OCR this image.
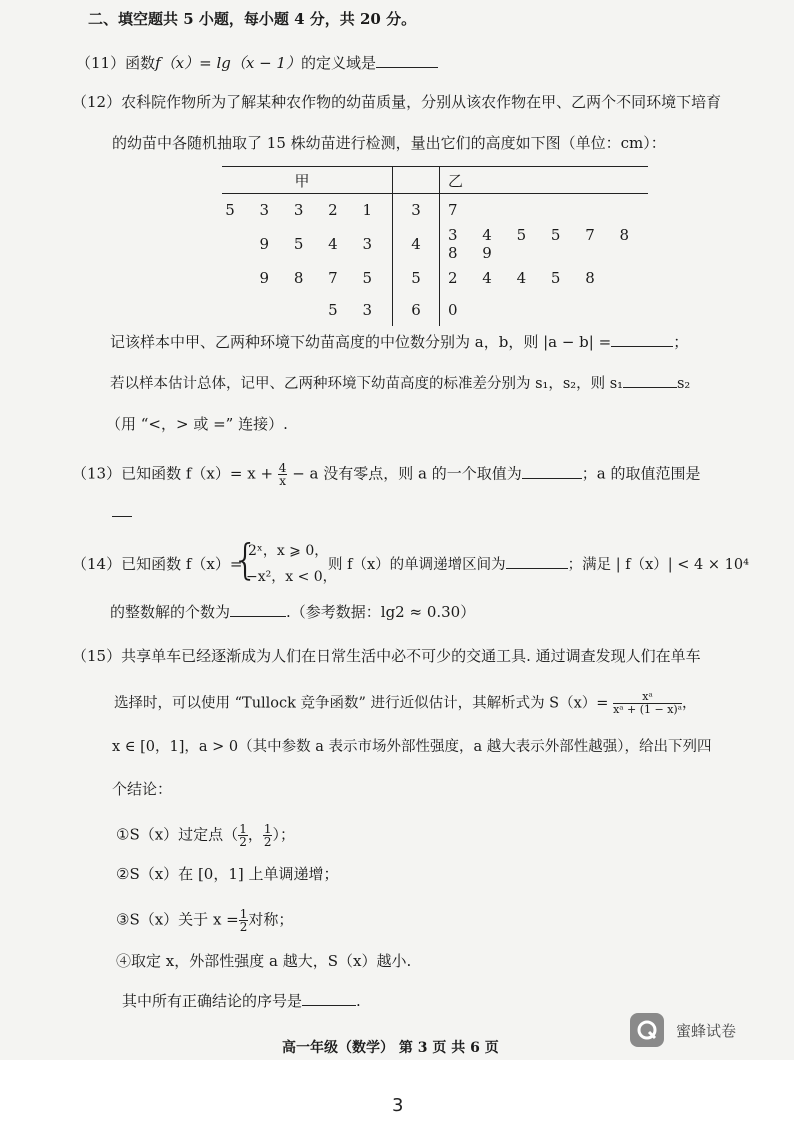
二、填空题共 5 小题，每小题 4 分，共 20 分。
（11）函数f（x）= lg（x − 1）的定义域是
（12）农科院作物所为了解某种农作物的幼苗质量，分别从该农作物在甲、乙两个不同环境下培育
的幼苗中各随机抽取了 15 株幼苗进行检测，量出它们的高度如下图（单位：cm）：
甲		乙
5 3 3 2 1	3	7
9 5 4 3	4	3 4 5 5 7 8 8 9
9 8 7 5	5	2 4 4 5 8
5 3	6	0
记该样本中甲、乙两种环境下幼苗高度的中位数分别为 a，b，则 |a − b| =	；
若以样本估计总体，记甲、乙两种环境下幼苗高度的标准差分别为 s₁，s₂，则 s₁	s₂
（用 “<，> 或 =” 连接）.
（13）已知函数 $f(x)= x + \frac{4}{x} - a$ 没有零点，则 a 的一个取值为	；a 的取值范围是
（14）已知函数 f（x）=
{
2ˣ，x ⩾ 0，
−x²，x < 0，
则 f（x）的单调递增区间为	；满足 | f（x）| < 4 × 10⁴
的整数解的个数为	.（参考数据：lg2 ≈ 0.30）
（15）共享单车已经逐渐成为人们在日常生活中必不可少的交通工具. 通过调查发现人们在单车
选择时，可以使用 “Tullock 竞争函数” 进行近似估计，其解析式为 $S(x)= \frac{\text{xᵃ}}{\text{xᵃ + (1 − x)ᵃ}}$ ，
x ∈ [0，1]，a > 0（其中参数 a 表示市场外部性强度，a 越大表示外部性越强），给出下列四
个结论：
①S（x）过定点（ $\frac{1}{2}$ ， $\frac{1}{2}$ ）；
②S（x）在 [0，1] 上单调递增；
③S（x）关于 $x = \frac{1}{2}$ 对称；
④取定 x，外部性强度 a 越大，S（x）越小.
其中所有正确结论的序号是	.
蜜蜂试卷
高一年级（数学） 第 3 页 共 6 页
3
